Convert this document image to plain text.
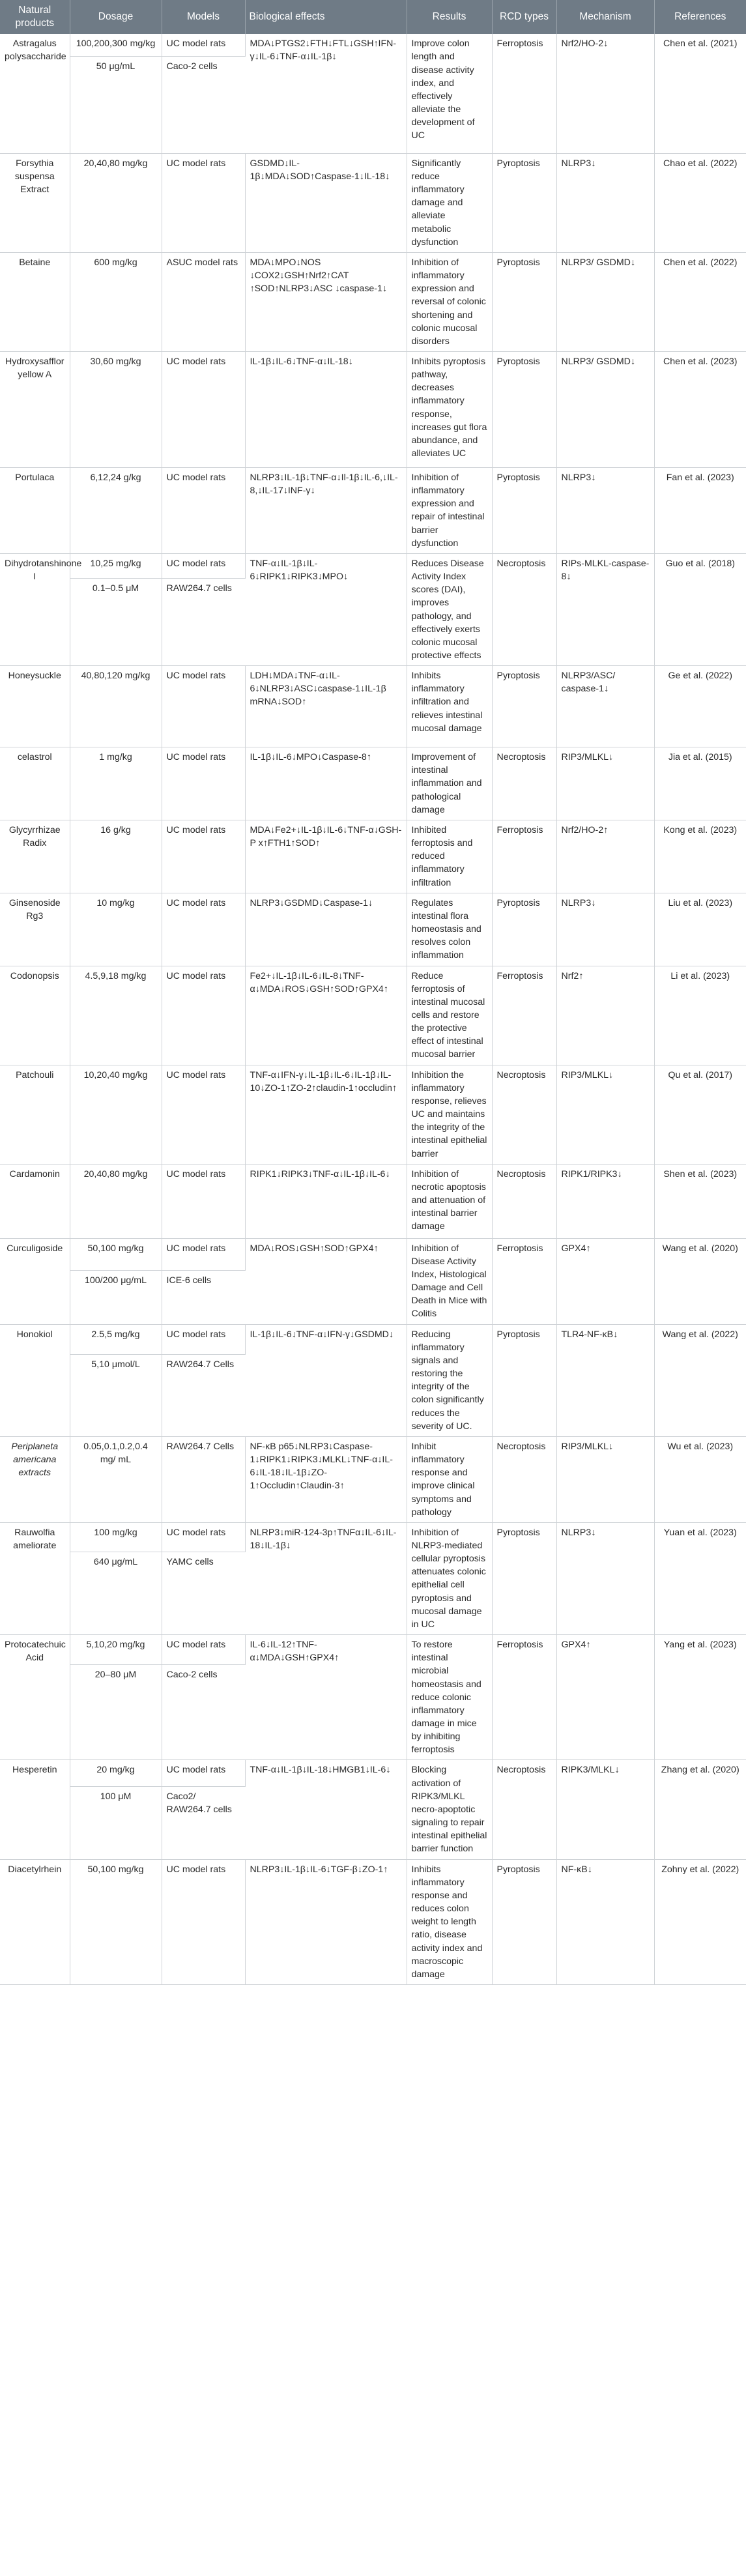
Natural products	Dosage	Models	Biological effects	Results	RCD types	Mechanism	References
Astragalus polysaccharide	100,200,300 mg/kg	UC model rats	MDA↓PTGS2↓FTH↓FTL↓GSH↑IFN-γ↓IL-6↓TNF-α↓IL-1β↓	Improve colon length and disease activity index, and effectively alleviate the development of UC	Ferroptosis	Nrf2/HO-2↓	Chen et al. (2021)
	50 μg/mL	Caco-2 cells					
Forsythia suspensa Extract	20,40,80 mg/kg	UC model rats	GSDMD↓IL-1β↓MDA↓SOD↑Caspase-1↓IL-18↓	Significantly reduce inflammatory damage and alleviate metabolic dysfunction	Pyroptosis	NLRP3↓	Chao et al. (2022)
Betaine	600 mg/kg	ASUC model rats	MDA↓MPO↓NOS ↓COX2↓GSH↑Nrf2↑CAT ↑SOD↑NLRP3↓ASC ↓caspase-1↓	Inhibition of inflammatory expression and reversal of colonic shortening and colonic mucosal disorders	Pyroptosis	NLRP3/ GSDMD↓	Chen et al. (2022)
Hydroxysafflor yellow A	30,60 mg/kg	UC model rats	IL-1β↓IL-6↓TNF-α↓IL-18↓	Inhibits pyroptosis pathway, decreases inflammatory response, increases gut flora abundance, and alleviates UC	Pyroptosis	NLRP3/ GSDMD↓	Chen et al. (2023)
Portulaca	6,12,24 g/kg	UC model rats	NLRP3↓IL-1β↓TNF-α↓Il-1β↓IL-6,↓IL-8,↓IL-17↓INF-γ↓	Inhibition of inflammatory expression and repair of intestinal barrier dysfunction	Pyroptosis	NLRP3↓	Fan et al. (2023)
Dihydrotanshinone I	10,25 mg/kg	UC model rats	TNF-α↓IL-1β↓IL-6↓RIPK1↓RIPK3↓MPO↓	Reduces Disease Activity Index scores (DAI), improves pathology, and effectively exerts colonic mucosal protective effects	Necroptosis	RIPs-MLKL-caspase-8↓	Guo et al. (2018)
	0.1–0.5 μM	RAW264.7 cells					
Honeysuckle	40,80,120 mg/kg	UC model rats	LDH↓MDA↓TNF-α↓IL-6↓NLRP3↓ASC↓caspase-1↓IL-1β mRNA↓SOD↑	Inhibits inflammatory infiltration and relieves intestinal mucosal damage	Pyroptosis	NLRP3/ASC/ caspase-1↓	Ge et al. (2022)
celastrol	1 mg/kg	UC model rats	IL-1β↓IL-6↓MPO↓Caspase-8↑	Improvement of intestinal inflammation and pathological damage	Necroptosis	RIP3/MLKL↓	Jia et al. (2015)
Glycyrrhizae Radix	16 g/kg	UC model rats	MDA↓Fe2+↓IL-1β↓IL-6↓TNF-α↓GSH-P x↑FTH1↑SOD↑	Inhibited ferroptosis and reduced inflammatory infiltration	Ferroptosis	Nrf2/HO-2↑	Kong et al. (2023)
Ginsenoside Rg3	10 mg/kg	UC model rats	NLRP3↓GSDMD↓Caspase-1↓	Regulates intestinal flora homeostasis and resolves colon inflammation	Pyroptosis	NLRP3↓	Liu et al. (2023)
Codonopsis	4.5,9,18 mg/kg	UC model rats	Fe2+↓IL-1β↓IL-6↓IL-8↓TNF-α↓MDA↓ROS↓GSH↑SOD↑GPX4↑	Reduce ferroptosis of intestinal mucosal cells and restore the protective effect of intestinal mucosal barrier	Ferroptosis	Nrf2↑	Li et al. (2023)
Patchouli	10,20,40 mg/kg	UC model rats	TNF-α↓IFN-γ↓IL-1β↓IL-6↓IL-1β↓IL-10↓ZO-1↑ZO-2↑claudin-1↑occludin↑	Inhibition the inflammatory response, relieves UC and maintains the integrity of the intestinal epithelial barrier	Necroptosis	RIP3/MLKL↓	Qu et al. (2017)
Cardamonin	20,40,80 mg/kg	UC model rats	RIPK1↓RIPK3↓TNF-α↓IL-1β↓IL-6↓	Inhibition of necrotic apoptosis and attenuation of intestinal barrier damage	Necroptosis	RIPK1/RIPK3↓	Shen et al. (2023)
Curculigoside	50,100 mg/kg	UC model rats	MDA↓ROS↓GSH↑SOD↑GPX4↑	Inhibition of Disease Activity Index, Histological Damage and Cell Death in Mice with Colitis	Ferroptosis	GPX4↑	Wang et al. (2020)
	100/200 μg/mL	ICE-6 cells					
Honokiol	2.5,5 mg/kg	UC model rats	IL-1β↓IL-6↓TNF-α↓IFN-γ↓GSDMD↓	Reducing inflammatory signals and restoring the integrity of the colon significantly reduces the severity of UC.	Pyroptosis	TLR4-NF-κB↓	Wang et al. (2022)
	5,10 μmol/L	RAW264.7 Cells					
Periplaneta americana extracts	0.05,0.1,0.2,0.4 mg/ mL	RAW264.7 Cells	NF-κB p65↓NLRP3↓Caspase-1↓RIPK1↓RIPK3↓MLKL↓TNF-α↓IL-6↓IL-18↓IL-1β↓ZO-1↑Occludin↑Claudin-3↑	Inhibit inflammatory response and improve clinical symptoms and pathology	Necroptosis	RIP3/MLKL↓	Wu et al. (2023)
Rauwolfia ameliorate	100 mg/kg	UC model rats	NLRP3↓miR-124-3p↑TNFα↓IL-6↓IL-18↓IL-1β↓	Inhibition of NLRP3-mediated cellular pyroptosis attenuates colonic epithelial cell pyroptosis and mucosal damage in UC	Pyroptosis	NLRP3↓	Yuan et al. (2023)
	640 μg/mL	YAMC cells					
Protocatechuic Acid	5,10,20 mg/kg	UC model rats	IL-6↓IL-12↑TNF-α↓MDA↓GSH↑GPX4↑	To restore intestinal microbial homeostasis and reduce colonic inflammatory damage in mice by inhibiting ferroptosis	Ferroptosis	GPX4↑	Yang et al. (2023)
	20–80 μM	Caco-2 cells					
Hesperetin	20 mg/kg	UC model rats	TNF-α↓IL-1β↓IL-18↓HMGB1↓IL-6↓	Blocking activation of RIPK3/MLKL necro-apoptotic signaling to repair intestinal epithelial barrier function	Necroptosis	RIPK3/MLKL↓	Zhang et al. (2020)
	100 μM	Caco2/ RAW264.7 cells					
Diacetylrhein	50,100 mg/kg	UC model rats	NLRP3↓IL-1β↓IL-6↓TGF-β↓ZO-1↑	Inhibits inflammatory response and reduces colon weight to length ratio, disease activity index and macroscopic damage	Pyroptosis	NF-κB↓	Zohny et al. (2022)
